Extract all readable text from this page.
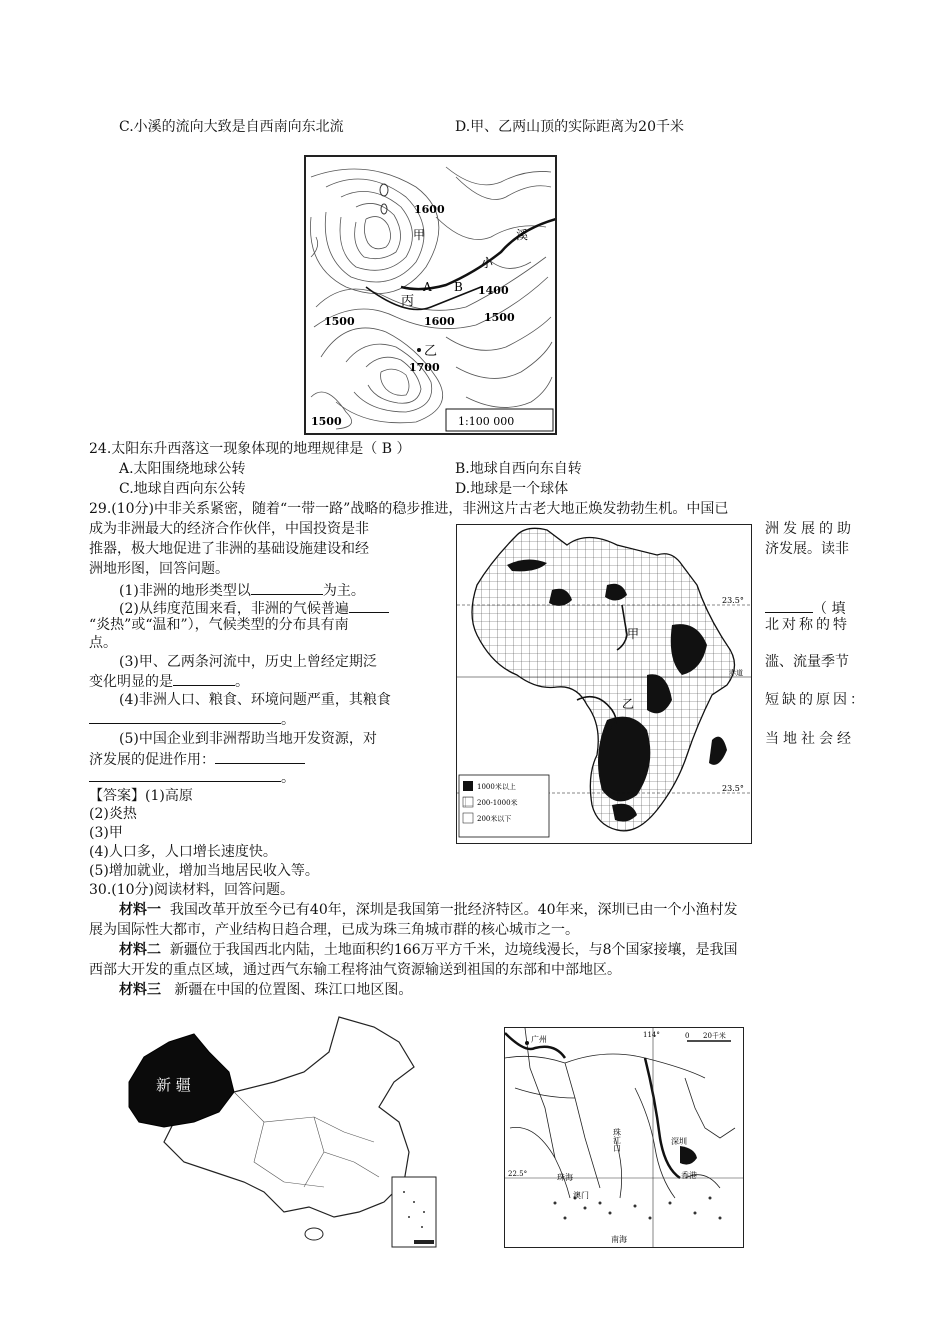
C.小溪的流向大致是自西南向东北流	D.甲、乙两山顶的实际距离为20千米
1600
甲
小
溪
A B
丙
1400
1500	1600	1500
乙
1700
1500	1:100 000
24.太阳东升西落这一现象体现的地理规律是（ B ）
A.太阳围绕地球公转	B.地球自西向东自转
C.地球自西向东公转	D.地球是一个球体
29.(10分)中非关系紧密，随着“一带一路”战略的稳步推进，非洲这片古老大地正焕发勃勃生机。中国已
成为非洲最大的经济合作伙伴，中国投资是非	洲发展的助
推器，极大地促进了非洲的基础设施建设和经	济发展。读非
洲地形图，回答问题。
(1)非洲的地形类型以	为主。
(2)从纬度范围来看，非洲的气候普遍	（ 填
“炎热”或“温和”），气候类型的分布具有南	北对称的特
点。
(3)甲、乙两条河流中，历史上曾经定期泛	滥、流量季节
变化明显的是	。
(4)非洲人口、粮食、环境问题严重，其粮食	短缺的原因：
。
(5)中国企业到非洲帮助当地开发资源，对	当地社会经
济发展的促进作用：
。
【答案】(1)高原
(2)炎热
(3)甲
(4)人口多，人口增长速度快。
(5)增加就业，增加当地居民收入等。
23.5°
甲
赤道
乙
23.5°
1000米以上
200-1000米
200米以下
30.(10分)阅读材料，回答问题。
材料一 我国改革开放至今已有40年，深圳是我国第一批经济特区。40年来，深圳已由一个小渔村发
展为国际性大都市，产业结构日趋合理，已成为珠三角城市群的核心城市之一。
材料二 新疆位于我国西北内陆，土地面积约166万平方千米，边境线漫长，与8个国家接壤，是我国
西部大开发的重点区域，通过西气东输工程将油气资源输送到祖国的东部和中部地区。
材料三 新疆在中国的位置图、珠江口地区图。
新 疆
广州	114°	0 20千米
珠江口	深圳
香港
珠海
澳门
22.5°
南海
